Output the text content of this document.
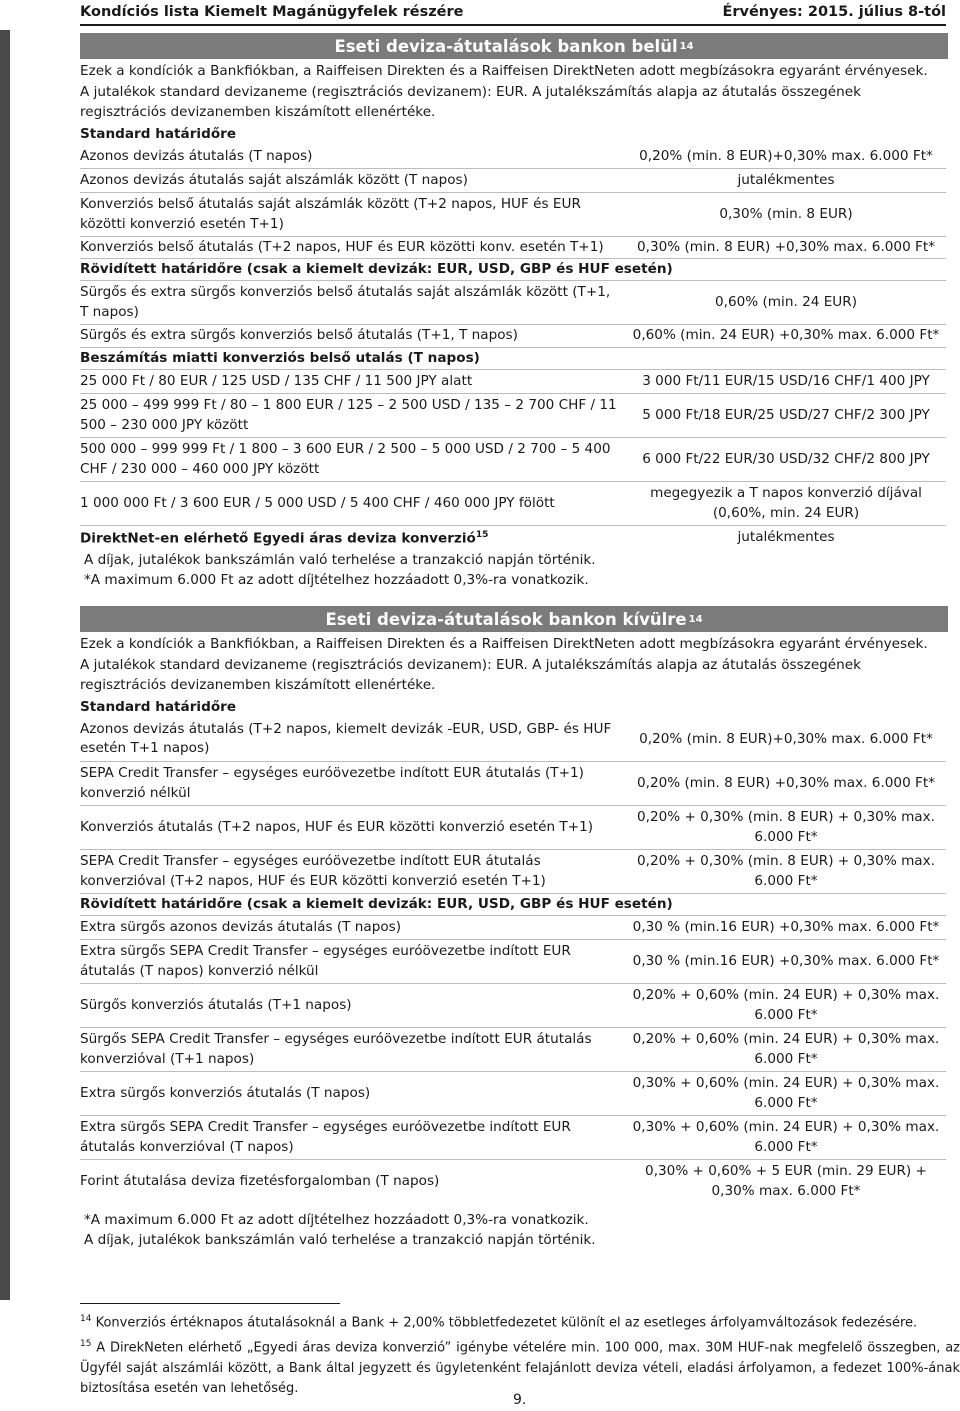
Kondíciós lista Kiemelt Magánügyfelek részére	Érvényes: 2015. július 8-tól
Eseti deviza-átutalások bankon belül 14
Ezek a kondíciók a Bankfiókban, a Raiffeisen Direkten és a Raiffeisen DirektNeten adott megbízásokra egyaránt érvényesek.
A jutalékok standard devizaneme (regisztrációs devizanem): EUR. A jutalékszámítás alapja az átutalás összegének regisztrációs devizanemben kiszámított ellenértéke.
Standard határidőre
Azonos devizás átutalás (T napos)	0,20% (min. 8 EUR)+0,30% max. 6.000 Ft*
Azonos devizás átutalás saját alszámlák között (T napos)	jutalékmentes
Konverziós belső átutalás saját alszámlák között (T+2 napos, HUF és EUR közötti konverzió esetén T+1)	0,30% (min. 8 EUR)
Konverziós belső átutalás (T+2 napos, HUF és EUR közötti konv. esetén T+1)	0,30% (min. 8 EUR) +0,30% max. 6.000 Ft*
Rövidített határidőre (csak a kiemelt devizák: EUR, USD, GBP és HUF esetén)	
Sürgős és extra sürgős konverziós belső átutalás saját alszámlák között (T+1, T napos)	0,60% (min. 24 EUR)
Sürgős és extra sürgős konverziós belső átutalás (T+1, T napos)	0,60% (min. 24 EUR) +0,30% max. 6.000 Ft*
Beszámítás miatti konverziós belső utalás (T napos)	
25 000 Ft / 80 EUR / 125 USD / 135 CHF / 11 500 JPY alatt	3 000 Ft/11 EUR/15 USD/16 CHF/1 400 JPY
25 000 – 499 999 Ft / 80 – 1 800 EUR / 125 – 2 500 USD / 135 – 2 700 CHF / 11 500 – 230 000 JPY között	5 000 Ft/18 EUR/25 USD/27 CHF/2 300 JPY
500 000 – 999 999 Ft / 1 800 – 3 600 EUR / 2 500 – 5 000 USD / 2 700 – 5 400 CHF / 230 000 – 460 000 JPY között	6 000 Ft/22 EUR/30 USD/32 CHF/2 800 JPY
1 000 000 Ft / 3 600 EUR / 5 000 USD / 5 400 CHF / 460 000 JPY fölött	megegyezik a T napos konverzió díjával (0,60%, min. 24 EUR)
DirektNet-en elérhető Egyedi áras deviza konverzió$^{15}$	jutalékmentes
A díjak, jutalékok bankszámlán való terhelése a tranzakció napján történik.
*A maximum 6.000 Ft az adott díjtételhez hozzáadott 0,3%-ra vonatkozik.
Eseti deviza-átutalások bankon kívülre 14
Ezek a kondíciók a Bankfiókban, a Raiffeisen Direkten és a Raiffeisen DirektNeten adott megbízásokra egyaránt érvényesek.
A jutalékok standard devizaneme (regisztrációs devizanem): EUR. A jutalékszámítás alapja az átutalás összegének regisztrációs devizanemben kiszámított ellenértéke.
Standard határidőre
Azonos devizás átutalás (T+2 napos, kiemelt devizák -EUR, USD, GBP- és HUF esetén T+1 napos)	0,20% (min. 8 EUR)+0,30% max. 6.000 Ft*
SEPA Credit Transfer – egységes euróövezetbe indított EUR átutalás (T+1) konverzió nélkül	0,20% (min. 8 EUR) +0,30% max. 6.000 Ft*
Konverziós átutalás (T+2 napos, HUF és EUR közötti konverzió esetén T+1)	0,20% + 0,30% (min. 8 EUR) + 0,30% max. 6.000 Ft*
SEPA Credit Transfer – egységes euróövezetbe indított EUR átutalás konverzióval (T+2 napos, HUF és EUR közötti konverzió esetén T+1)	0,20% + 0,30% (min. 8 EUR) + 0,30% max. 6.000 Ft*
Rövidített határidőre (csak a kiemelt devizák: EUR, USD, GBP és HUF esetén)	
Extra sürgős azonos devizás átutalás (T napos)	0,30 % (min.16 EUR) +0,30% max. 6.000 Ft*
Extra sürgős SEPA Credit Transfer – egységes euróövezetbe indított EUR átutalás (T napos) konverzió nélkül	0,30 % (min.16 EUR) +0,30% max. 6.000 Ft*
Sürgős konverziós átutalás (T+1 napos)	0,20% + 0,60% (min. 24 EUR) + 0,30% max. 6.000 Ft*
Sürgős SEPA Credit Transfer – egységes euróövezetbe indított EUR átutalás konverzióval (T+1 napos)	0,20% + 0,60% (min. 24 EUR) + 0,30% max. 6.000 Ft*
Extra sürgős konverziós átutalás (T napos)	0,30% + 0,60% (min. 24 EUR) + 0,30% max. 6.000 Ft*
Extra sürgős SEPA Credit Transfer – egységes euróövezetbe indított EUR átutalás konverzióval (T napos)	0,30% + 0,60% (min. 24 EUR) + 0,30% max. 6.000 Ft*
Forint átutalása deviza fizetésforgalomban (T napos)	0,30% + 0,60% + 5 EUR (min. 29 EUR) + 0,30% max. 6.000 Ft*
*A maximum 6.000 Ft az adott díjtételhez hozzáadott 0,3%-ra vonatkozik.
A díjak, jutalékok bankszámlán való terhelése a tranzakció napján történik.

$^{14}$ Konverziós értéknapos átutalásoknál a Bank + 2,00% többletfedezetet különít el az esetleges árfolyamváltozások fedezésére.

$^{15}$ A DirekNeten elérhető „Egyedi áras deviza konverzió” igénybe vételére min. 100 000, max. 30M HUF-nak megfelelő összegben, az Ügyfél saját alszámlái között, a Bank által jegyzett és ügyletenként felajánlott deviza vételi, eladási árfolyamon, a fedezet 100%-ának biztosítása esetén van lehetőség.

9.
